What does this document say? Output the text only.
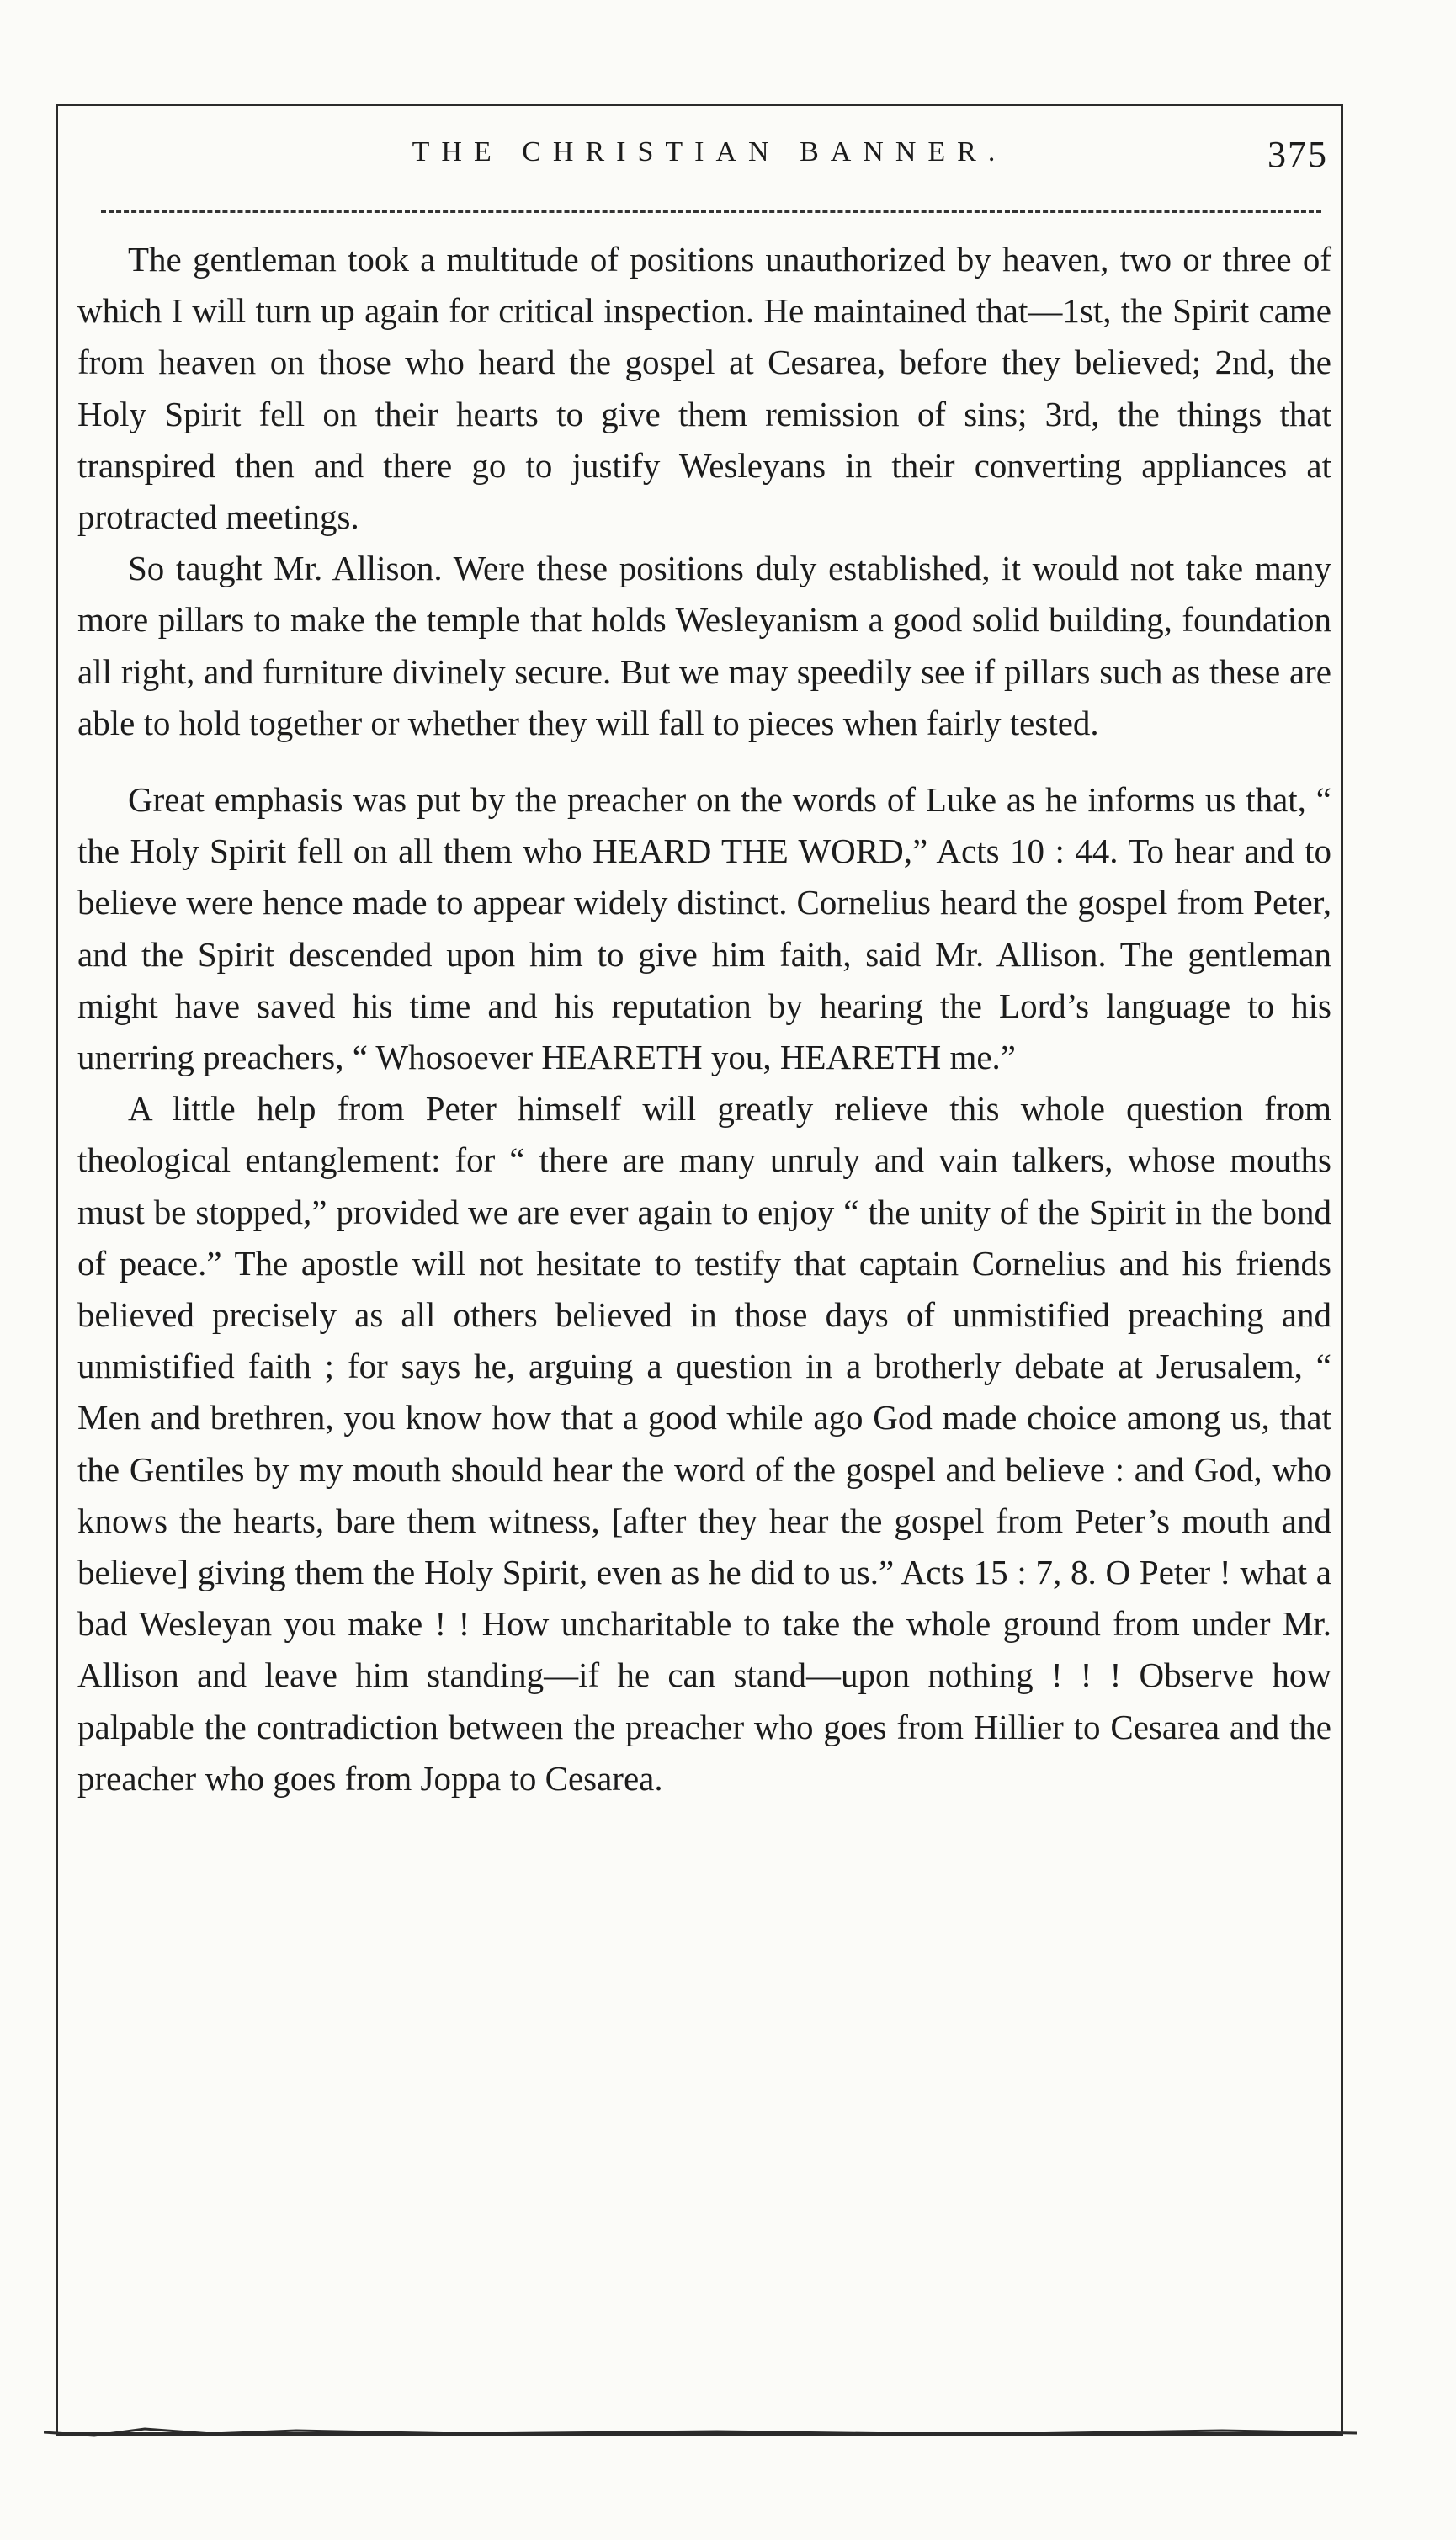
THE CHRISTIAN BANNER.	375

The gentleman took a multitude of positions unauthorized by heaven, two or three of which I will turn up again for critical inspection. He maintained that—1st, the Spirit came from heaven on those who heard the gospel at Cesarea, before they believed; 2nd, the Holy Spirit fell on their hearts to give them remission of sins; 3rd, the things that transpired then and there go to justify Wesleyans in their converting appliances at protracted meetings.

So taught Mr. Allison. Were these positions duly established, it would not take many more pillars to make the temple that holds Wesleyanism a good solid building, foundation all right, and furniture divinely secure. But we may speedily see if pillars such as these are able to hold together or whether they will fall to pieces when fairly tested.

Great emphasis was put by the preacher on the words of Luke as he informs us that, “ the Holy Spirit fell on all them who HEARD THE WORD,” Acts 10 : 44. To hear and to believe were hence made to appear widely distinct. Cornelius heard the gospel from Peter, and the Spirit descended upon him to give him faith, said Mr. Allison. The gentleman might have saved his time and his reputation by hearing the Lord’s language to his unerring preachers, “ Whosoever HEARETH you, HEARETH me.”

A little help from Peter himself will greatly relieve this whole question from theological entanglement: for “ there are many unruly and vain talkers, whose mouths must be stopped,” provided we are ever again to enjoy “ the unity of the Spirit in the bond of peace.” The apostle will not hesitate to testify that captain Cornelius and his friends believed precisely as all others believed in those days of unmistified preaching and unmistified faith ; for says he, arguing a question in a brotherly debate at Jerusalem, “ Men and brethren, you know how that a good while ago God made choice among us, that the Gentiles by my mouth should hear the word of the gospel and believe : and God, who knows the hearts, bare them witness, [after they hear the gospel from Peter’s mouth and believe] giving them the Holy Spirit, even as he did to us.” Acts 15 : 7, 8. O Peter ! what a bad Wesleyan you make ! ! How uncharitable to take the whole ground from under Mr. Allison and leave him standing—if he can stand—upon nothing ! ! ! Observe how palpable the contradiction between the preacher who goes from Hillier to Cesarea and the preacher who goes from Joppa to Cesarea.
